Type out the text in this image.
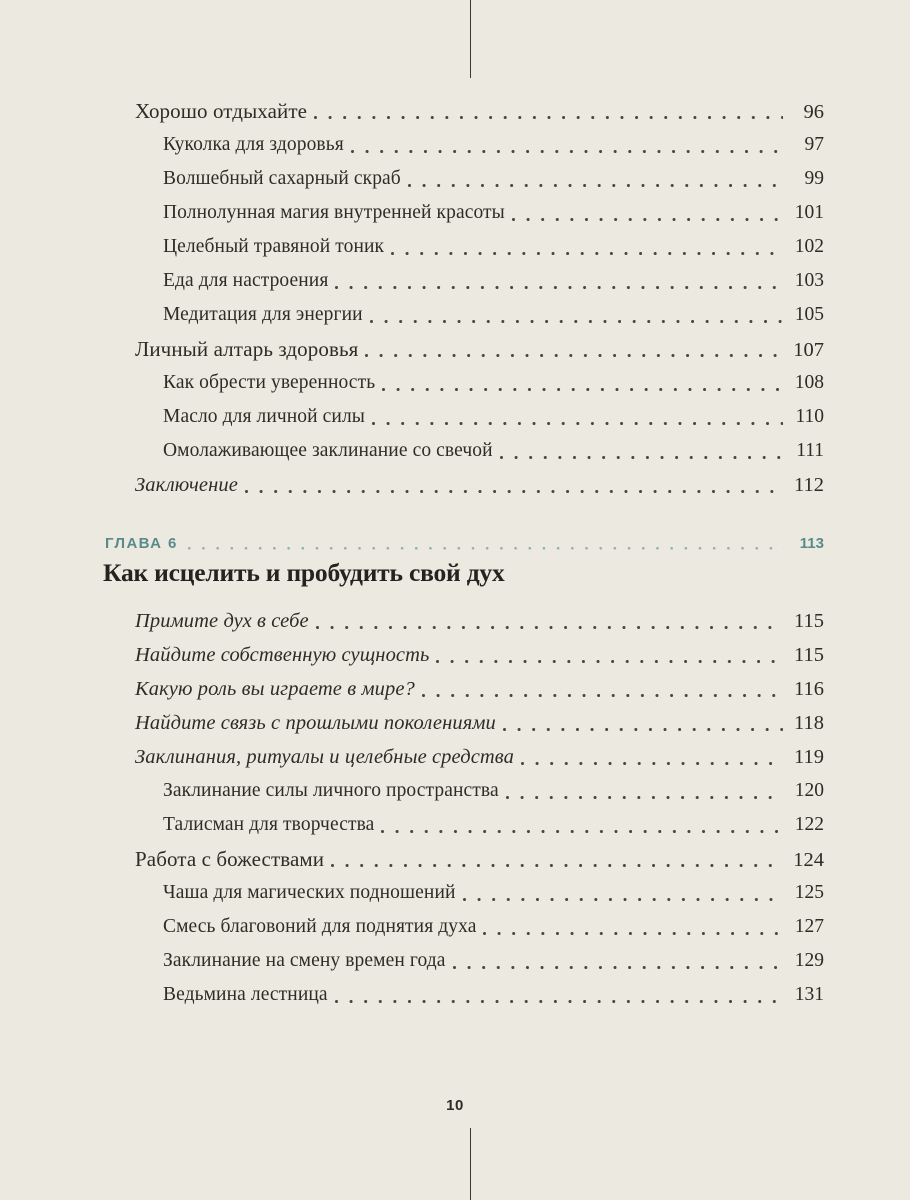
Хорошо отдыхайте	96
Куколка для здоровья	97
Волшебный сахарный скраб	99
Полнолунная магия внутренней красоты	101
Целебный травяной тоник	102
Еда для настроения	103
Медитация для энергии	105
Личный алтарь здоровья	107
Как обрести уверенность	108
Масло для личной силы	110
Омолаживающее заклинание со свечой	111
Заключение	112
ГЛАВА 6	113
Как исцелить и пробудить свой дух
Примите дух в себе	115
Найдите собственную сущность	115
Какую роль вы играете в мире?	116
Найдите связь с прошлыми поколениями	118
Заклинания, ритуалы и целебные средства	119
Заклинание силы личного пространства	120
Талисман для творчества	122
Работа с божествами	124
Чаша для магических подношений	125
Смесь благовоний для поднятия духа	127
Заклинание на смену времен года	129
Ведьмина лестница	131
10
